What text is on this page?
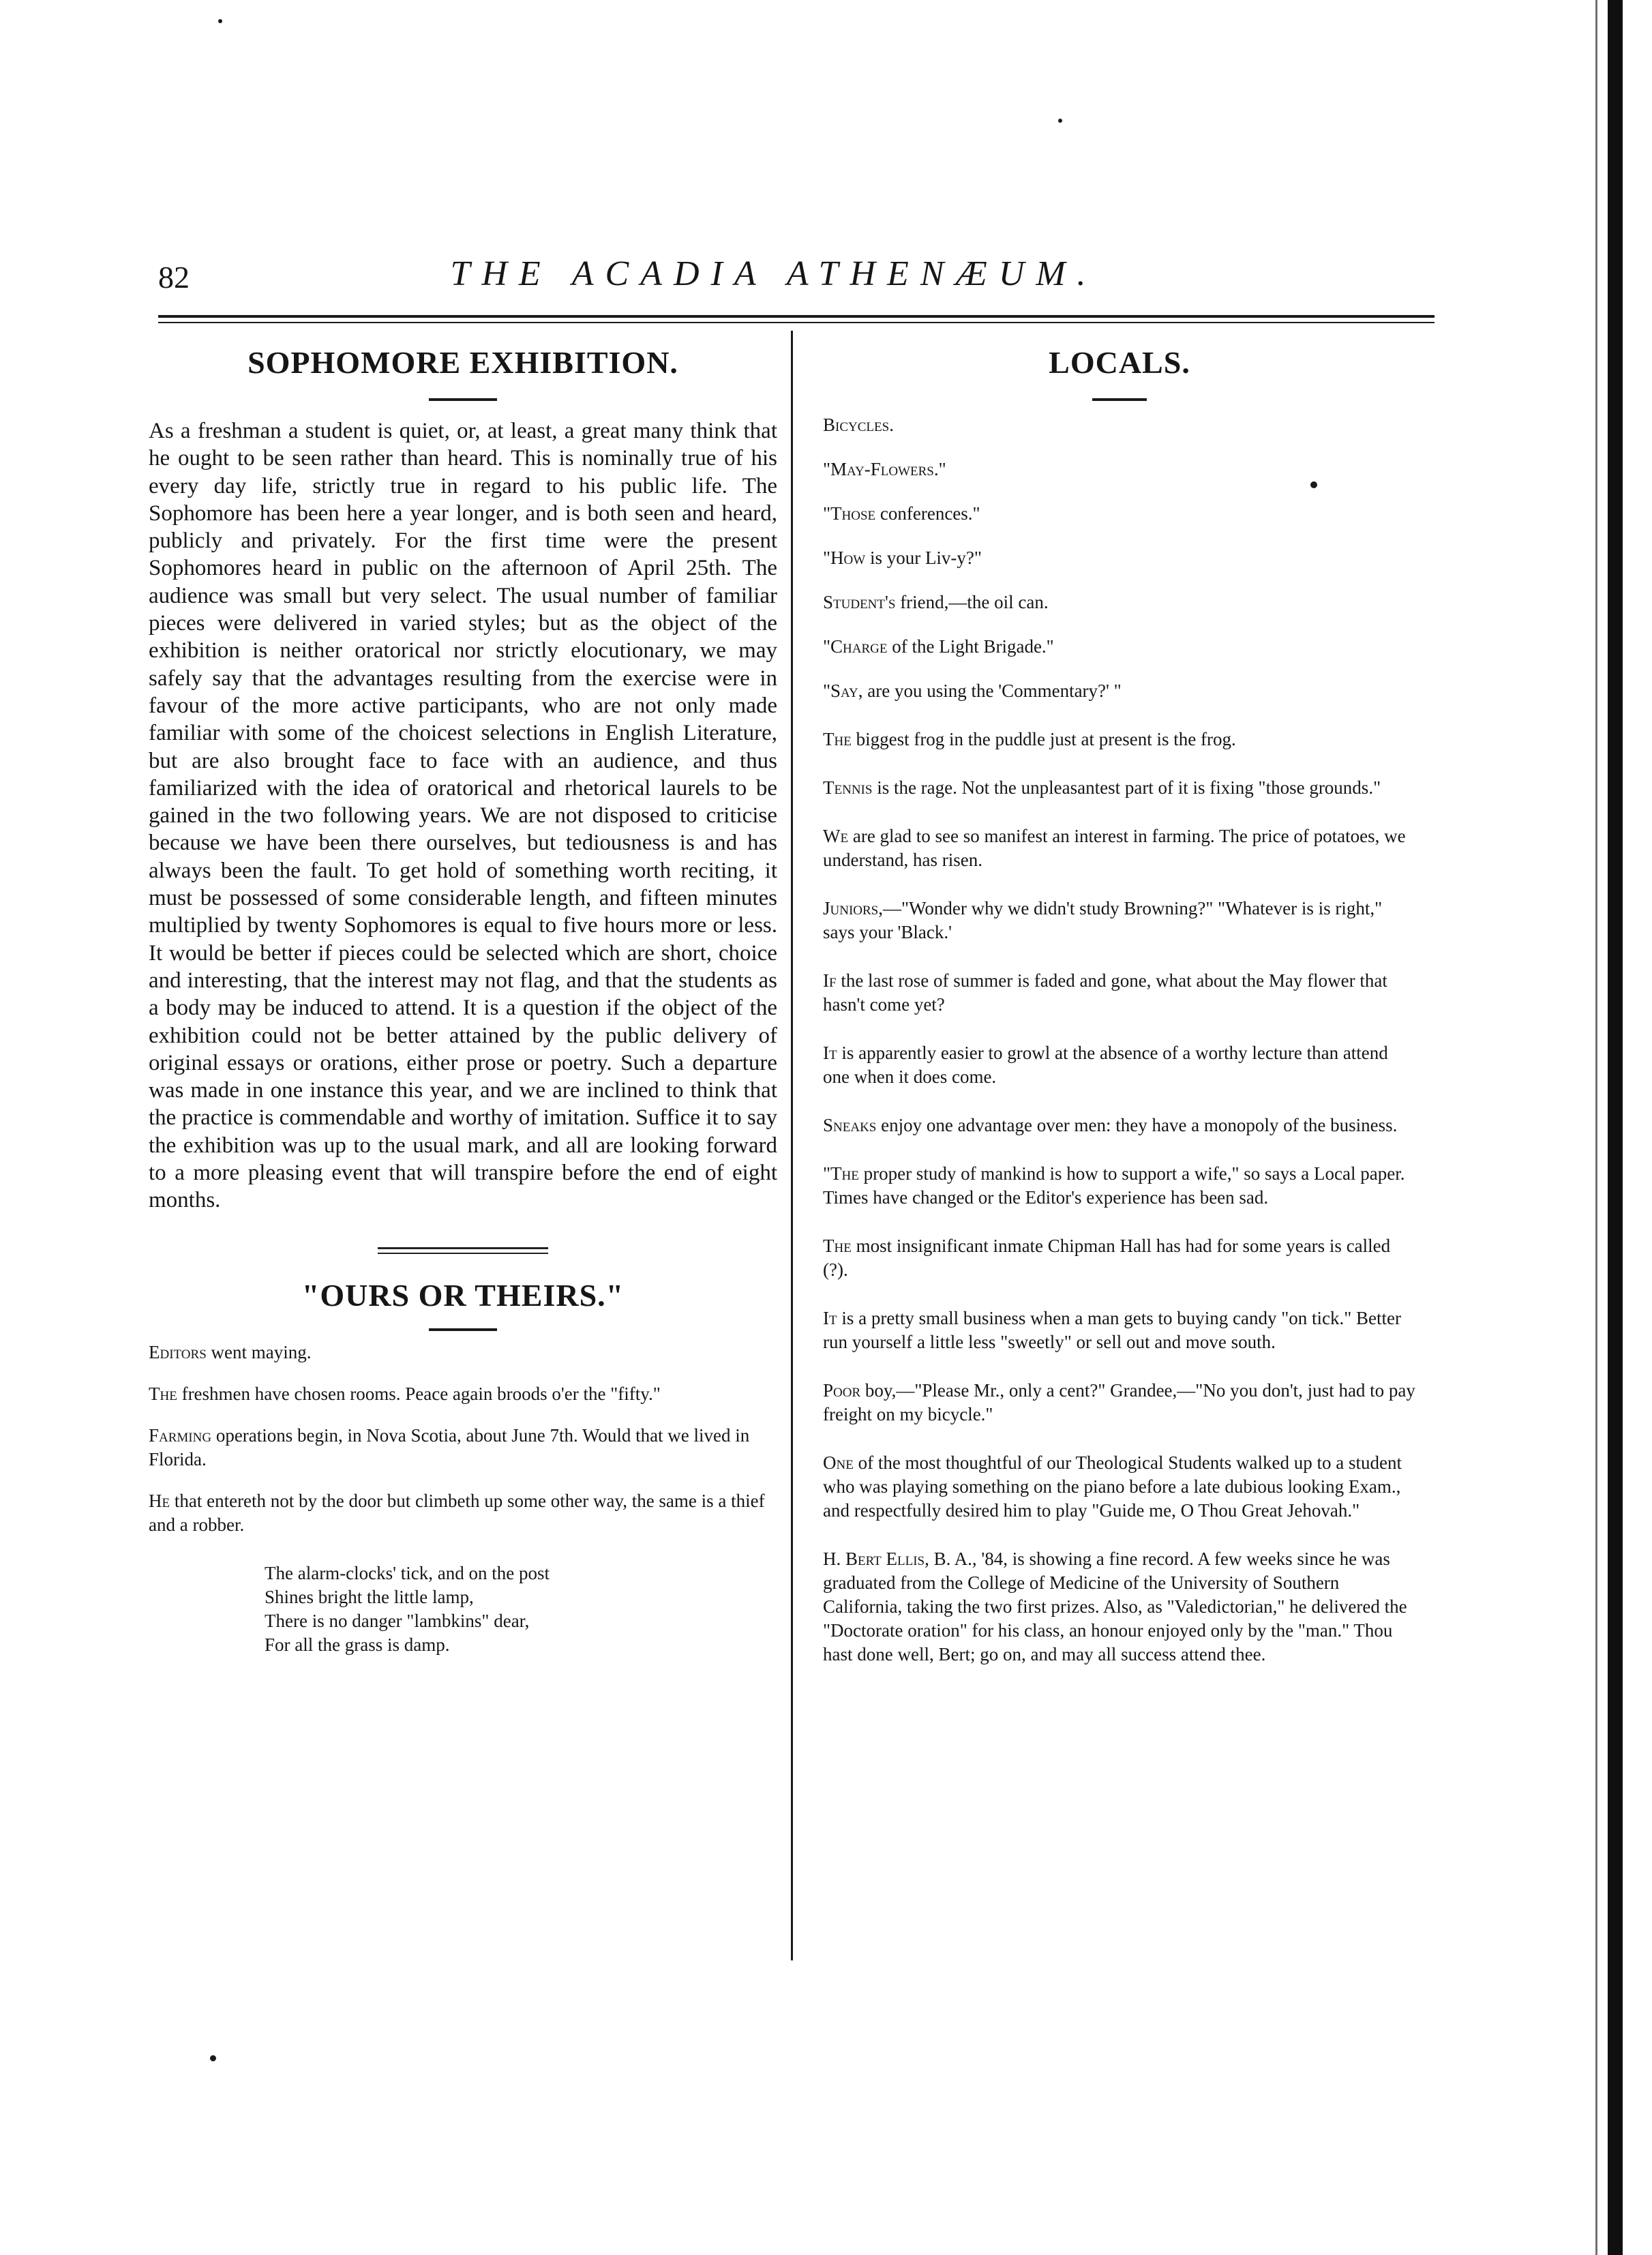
82	THE ACADIA ATHENÆUM.
SOPHOMORE EXHIBITION.

As a freshman a student is quiet, or, at least, a great many think that he ought to be seen rather than heard. This is nominally true of his every day life, strictly true in regard to his public life. The Sophomore has been here a year longer, and is both seen and heard, publicly and privately. For the first time were the present Sophomores heard in public on the afternoon of April 25th. The audience was small but very select. The usual number of familiar pieces were delivered in varied styles; but as the object of the exhibition is neither oratorical nor strictly elocutionary, we may safely say that the advantages resulting from the exercise were in favour of the more active participants, who are not only made familiar with some of the choicest selections in English Literature, but are also brought face to face with an audience, and thus familiarized with the idea of oratorical and rhetorical laurels to be gained in the two following years. We are not disposed to criticise because we have been there ourselves, but tediousness is and has always been the fault. To get hold of something worth reciting, it must be possessed of some considerable length, and fifteen minutes multiplied by twenty Sophomores is equal to five hours more or less. It would be better if pieces could be selected which are short, choice and interesting, that the interest may not flag, and that the students as a body may be induced to attend. It is a question if the object of the exhibition could not be better attained by the public delivery of original essays or orations, either prose or poetry. Such a departure was made in one instance this year, and we are inclined to think that the practice is commendable and worthy of imitation. Suffice it to say the exhibition was up to the usual mark, and all are looking forward to a more pleasing event that will transpire before the end of eight months.

"OURS OR THEIRS."

Editors went maying.

The freshmen have chosen rooms. Peace again broods o'er the "fifty."

Farming operations begin, in Nova Scotia, about June 7th. Would that we lived in Florida.

He that entereth not by the door but climbeth up some other way, the same is a thief and a robber.

The alarm-clocks' tick, and on the post
Shines bright the little lamp,
There is no danger "lambkins" dear,
For all the grass is damp.
LOCALS.

Bicycles.

"May-Flowers."

"Those conferences."

"How is your Liv-y?"

Student's friend,—the oil can.

"Charge of the Light Brigade."

"Say, are you using the 'Commentary?' "

The biggest frog in the puddle just at present is the frog.

Tennis is the rage. Not the unpleasantest part of it is fixing "those grounds."

We are glad to see so manifest an interest in farming. The price of potatoes, we understand, has risen.

Juniors,—"Wonder why we didn't study Browning?" "Whatever is is right," says your 'Black.'

If the last rose of summer is faded and gone, what about the May flower that hasn't come yet?

It is apparently easier to growl at the absence of a worthy lecture than attend one when it does come.

Sneaks enjoy one advantage over men: they have a monopoly of the business.

"The proper study of mankind is how to support a wife," so says a Local paper. Times have changed or the Editor's experience has been sad.

The most insignificant inmate Chipman Hall has had for some years is called (?).

It is a pretty small business when a man gets to buying candy "on tick." Better run yourself a little less "sweetly" or sell out and move south.

Poor boy,—"Please Mr., only a cent?" Grandee,—"No you don't, just had to pay freight on my bicycle."

One of the most thoughtful of our Theological Students walked up to a student who was playing something on the piano before a late dubious looking Exam., and respectfully desired him to play "Guide me, O Thou Great Jehovah."

H. Bert Ellis, B. A., '84, is showing a fine record. A few weeks since he was graduated from the College of Medicine of the University of Southern California, taking the two first prizes. Also, as "Valedictorian," he delivered the "Doctorate oration" for his class, an honour enjoyed only by the "man." Thou hast done well, Bert; go on, and may all success attend thee.
